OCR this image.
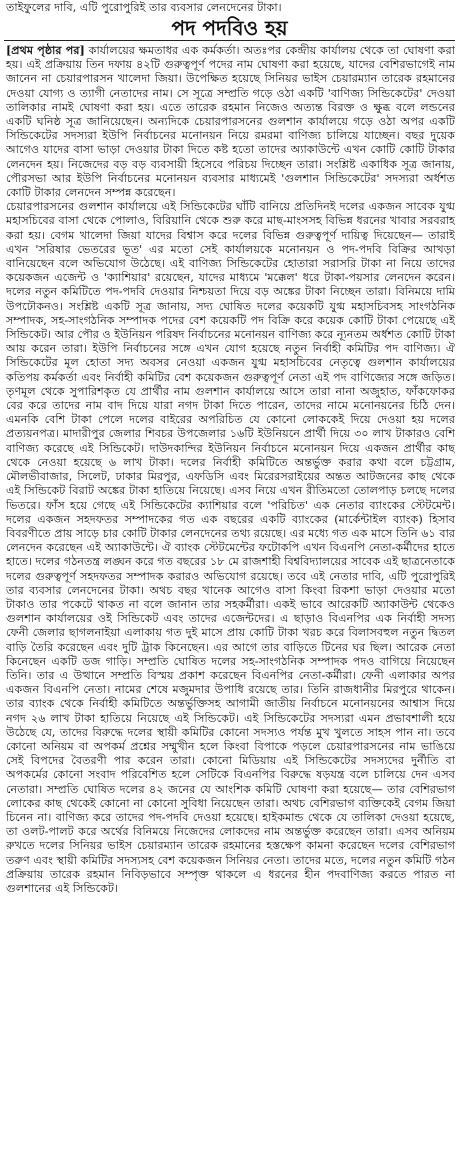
তাইফুলের দাবি, এটি পুরোপুরিই তার ব্যবসার লেনদেনের টাকা।
পদ পদবিও হয়

[প্রথম পৃষ্ঠার পর] কার্যালয়ের ক্ষমতাধর এক কর্মকর্তা। অতঃপর কেন্দ্রীয় কার্যালয় থেকে তা ঘোষণা করা হয়। এই প্রক্রিয়ায় তিন দফায় ৪২টি গুরুত্বপূর্ণ পদের নাম ঘোষণা করা হয়েছে, যাদের বেশিরভাগেই নাম জানেন না চেয়ারপারসন খালেদা জিয়া। উপেক্ষিত হয়েছে সিনিয়র ভাইস চেয়ারম্যান তারেক রহমানের দেওয়া যোগ্য ও ত্যাগী নেতাদের নাম। সে সূত্রে সম্প্রতি গড়ে ওঠা একটি 'বাণিজ্য সিন্ডিকেটের' দেওয়া তালিকার নামই ঘোষণা করা হয়। এতে তারেক রহমান নিজেও অত্যন্ত বিরক্ত ও ক্ষুব্ধ বলে লন্ডনের একটি ঘনিষ্ঠ সূত্র জানিয়েছেন। অন্যদিকে চেয়ারপারসনের গুলশান কার্যালয়ে গড়ে ওঠা অপর একটি সিন্ডিকেটের সদস্যরা ইউপি নির্বাচনের মনোনয়ন নিয়ে রমরমা বাণিজ্য চালিয়ে যাচ্ছেন। বছর দুয়েক আগেও যাদের বাসা ভাড়া দেওয়ার টাকা দিতে কষ্ট হতো তাদের অ্যাকাউন্টে এখন কোটি কোটি টাকার লেনদেন হয়। নিজেদের বড় বড় ব্যবসায়ী হিসেবে পরিচয় দিচ্ছেন তারা। সংশ্লিষ্ট একাধিক সূত্র জানায়, পৌরসভা আর ইউপি নির্বাচনের মনোনয়ন ব্যবসার মাধ্যমেই 'গুলশান সিন্ডিকেটের' সদস্যরা অর্ধশত কোটি টাকার লেনদেন সম্পন্ন করেছেন।

চেয়ারপারসনের গুলশান কার্যালয়ে এই সিন্ডিকেটের ঘাঁটি বানিয়ে প্রতিদিনই দলের একজন সাবেক যুগ্ম মহাসচিবের বাসা থেকে পোলাও, বিরিয়ানি থেকে শুরু করে মাছ-মাংসসহ বিভিন্ন ধরনের খাবার সরবরাহ করা হয়। বেগম খালেদা জিয়া যাদের বিশ্বাস করে দলের বিভিন্ন গুরুত্বপূর্ণ দায়িত্ব দিয়েছেন— তারাই এখন 'সরিষার ভেতরের ভূত' এর মতো সেই কার্যালয়কে মনোনয়ন ও পদ-পদবি বিক্রির আখড়া বানিয়েছেন বলে অভিযোগ উঠেছে। এই বাণিজ্য সিন্ডিকেটের হোতারা সরাসরি টাকা না নিয়ে তাদের কয়েকজন এজেন্ট ও 'ক্যাশিয়ার' রয়েছেন, যাদের মাধ্যমে 'মক্কেল' ধরে টাকা-পয়সার লেনদেন করেন। দলের নতুন কমিটিতে পদ-পদবি দেওয়ার নিশ্চয়তা দিয়ে বড় অঙ্কের টাকা নিচ্ছেন তারা। বিনিময়ে দামি উপঢৌকনও। সংশ্লিষ্ট একটি সূত্র জানায়, সদ্য ঘোষিত দলের কয়েকটি যুগ্ম মহাসচিবসহ সাংগঠনিক সম্পাদক, সহ-সাংগঠনিক সম্পাদক পদের বেশ কয়েকটি পদ বিক্রি করে কয়েক কোটি টাকা পেয়েছে এই সিন্ডিকেট। আর পৌর ও ইউনিয়ন পরিষদ নির্বাচনের মনোনয়ন বাণিজ্য করে ন্যূনতম অর্ধশত কোটি টাকা আয় করেন তারা। ইউপি নির্বাচনের সঙ্গে এখন যোগ হয়েছে নতুন নির্বাহী কমিটির পদ বাণিজ্য। ঐ সিন্ডিকেটের মূল হোতা সদ্য অবসর নেওয়া একজন যুগ্ম মহাসচিবের নেতৃত্বে গুলশান কার্যালয়ের কতিপয় কর্মকর্তা এবং নির্বাহী কমিটির বেশ কয়েকজন গুরুত্বপূর্ণ নেতা এই পদ বাণিজ্যের সঙ্গে জড়িত। তৃণমূল থেকে সুপারিশকৃত যে প্রার্থীর নাম গুলশান কার্যালয়ে আসে তারা নানা অজুহাত, ফাঁকফোকর বের করে তাদের নাম বাদ দিয়ে যারা নগদ টাকা দিতে পারেন, তাদের নামে মনোনয়নের চিঠি দেন। এমনকি বেশি টাকা পেলে দলের বাইরের অপরিচিত যে কোনো লোককেই দিয়ে দেওয়া হয় দলের প্রত্যয়নপত্র। মাদারীপুর জেলার শিবচর উপজেলার ১৬টি ইউনিয়নে প্রার্থী দিয়ে ৩০ লাখ টাকারও বেশি বাণিজ্য করেছে এই সিন্ডিকেট। দাউদকান্দির ইউনিয়ন নির্বাচনে মনোনয়ন দিয়ে একজন প্রার্থীর কাছ থেকে নেওয়া হয়েছে ৬ লাখ টাকা। দলের নির্বাহী কমিটিতে অন্তর্ভুক্ত করার কথা বলে চট্টগ্রাম, মৌলভীবাজার, সিলেট, ঢাকার মিরপুর, এফডিসি এবং মিরেরসরাইয়ের অন্তত আটজনের কাছ থেকে এই সিন্ডিকেট বিরাট অঙ্কের টাকা হাতিয়ে নিয়েছে। এসব নিয়ে এখন রীতিমতো তোলপাড় চলছে দলের ভিতরে। ফাঁস হয়ে গেছে এই সিন্ডিকেটের ক্যাশিয়ার বলে 'পরিচিত' এক নেতার ব্যাংকের স্টেটমেন্ট। দলের একজন সহদফতর সম্পাদকের গত এক বছরের একটি ব্যাংকের (মার্কেন্টাইল ব্যাংক) হিসাব বিবরণীতে প্রায় সাড়ে চার কোটি টাকার লেনদেনের তথ্য রয়েছে। এর মধ্যে গত এক মাসে তিনি ৬১ বার লেনদেন করেছেন এই অ্যাকাউন্টে। ঐ ব্যাংক স্টেটমেন্টের ফটোকপি এখন বিএনপি নেতা-কর্মীদের হাতে হাতে। দলের গঠনতন্ত্র লঙ্ঘন করে গত বছরের ১৮ মে রাজশাহী বিশ্ববিদ্যালয়ের সাবেক এই ছাত্রনেতাকে দলের গুরুত্বপূর্ণ সহদফতর সম্পাদক করারও অভিযোগ রয়েছে। তবে এই নেতার দাবি, এটি পুরোপুরিই তার ব্যবসার লেনদেনের টাকা। অথচ বছর খানেক আগেও বাসা কিংবা রিকশা ভাড়া দেওয়ার মতো টাকাও তার পকেটে থাকত না বলে জানান তার সহকর্মীরা। একই ভাবে আরেকটি অ্যাকাউন্ট থেকেও গুলশান কার্যালয়ের ওই সিন্ডিকেট এবং তাদের এজেন্টদের। এ ছাড়াও বিএনপির এক নির্বাহী সদস্য ফেনী জেলার ছাগলনাইয়া এলাকায় গত দুই মাসে প্রায় কোটি টাকা খরচ করে বিলাসবহুল নতুন দ্বিতল বাড়ি তৈরি করেছেন এবং দুটি ট্রাক কিনেছেন। এর আগে তার বাড়িতে টিনের ঘর ছিল। আরেক নেতা কিনেছেন একটি ডজ গাড়ি। সম্প্রতি ঘোষিত দলের সহ-সাংগঠনিক সম্পাদক পদও বাগিয়ে নিয়েছেন তিনি। তার এ উত্থানে সম্প্রতি বিস্ময় প্রকাশ করেছেন বিএনপির নেতা-কর্মীরা। ফেনী এলাকার অপর একজন বিএনপি নেতা। নামের শেষে মজুমদার উপাধি রয়েছে তার। তিনি রাজধানীর মিরপুরে থাকেন। তার ব্যাংক থেকে নির্বাহী কমিটিতে অন্তর্ভুক্তিসহ আগামী জাতীয় নির্বাচনে মনোনয়নের আশ্বাস দিয়ে নগদ ২৬ লাখ টাকা হাতিয়ে নিয়েছে এই সিন্ডিকেট। এই সিন্ডিকেটের সদস্যরা এমন প্রভাবশালী হয়ে উঠেছে যে, তাদের বিরুদ্ধে দলের স্থায়ী কমিটির কোনো সদস্যও পর্যন্ত মুখ খুলতে সাহস পান না। তবে কোনো অনিয়ম বা অপকর্ম প্রশ্নের সম্মুখীন হলে কিংবা বিপাকে পড়লে চেয়ারপারসনের নাম ভাঙিয়ে সেই বিপদের বৈতরণী পার করেন তারা। কোনো মিডিয়ায় এই সিন্ডিকেটের সদস্যদের দুর্নীতি বা অপকর্মের কোনো সংবাদ পরিবেশিত হলে সেটিকে বিএনপির বিরুদ্ধে ষড়যন্ত্র বলে চালিয়ে দেন এসব নেতারা। সম্প্রতি ঘোষিত দলের ৪২ জনের যে আংশিক কমিটি ঘোষণা করা হয়েছে— তার বেশিরভাগ লোকের কাছ থেকেই কোনো না কোনো সুবিধা নিয়েছেন তারা। অথচ বেশিরভাগ ব্যক্তিকেই বেগম জিয়া চিনেন না। বাণিজ্য করে তাদের পদ-পদবি দেওয়া হয়েছে। হাইকমান্ড থেকে যে তালিকা দেওয়া হয়েছে, তা ওলট-পালট করে অর্থের বিনিময়ে নিজেদের লোকদের নাম অন্তর্ভুক্ত করেছেন তারা। এসব অনিয়ম রুখতে দলের সিনিয়র ভাইস চেয়ারম্যান তারেক রহমানের হস্তক্ষেপ কামনা করেছেন দলের বেশিরভাগ তরুণ এবং স্থায়ী কমিটির সদস্যসহ বেশ কয়েকজন সিনিয়র নেতা। তাদের মতে, দলের নতুন কমিটি গঠন প্রক্রিয়ায় তারেক রহমান নিবিড়ভাবে সম্পৃক্ত থাকলে এ ধরনের হীন পদবাণিজ্য করতে পারত না গুলশানের এই সিন্ডিকেট।
